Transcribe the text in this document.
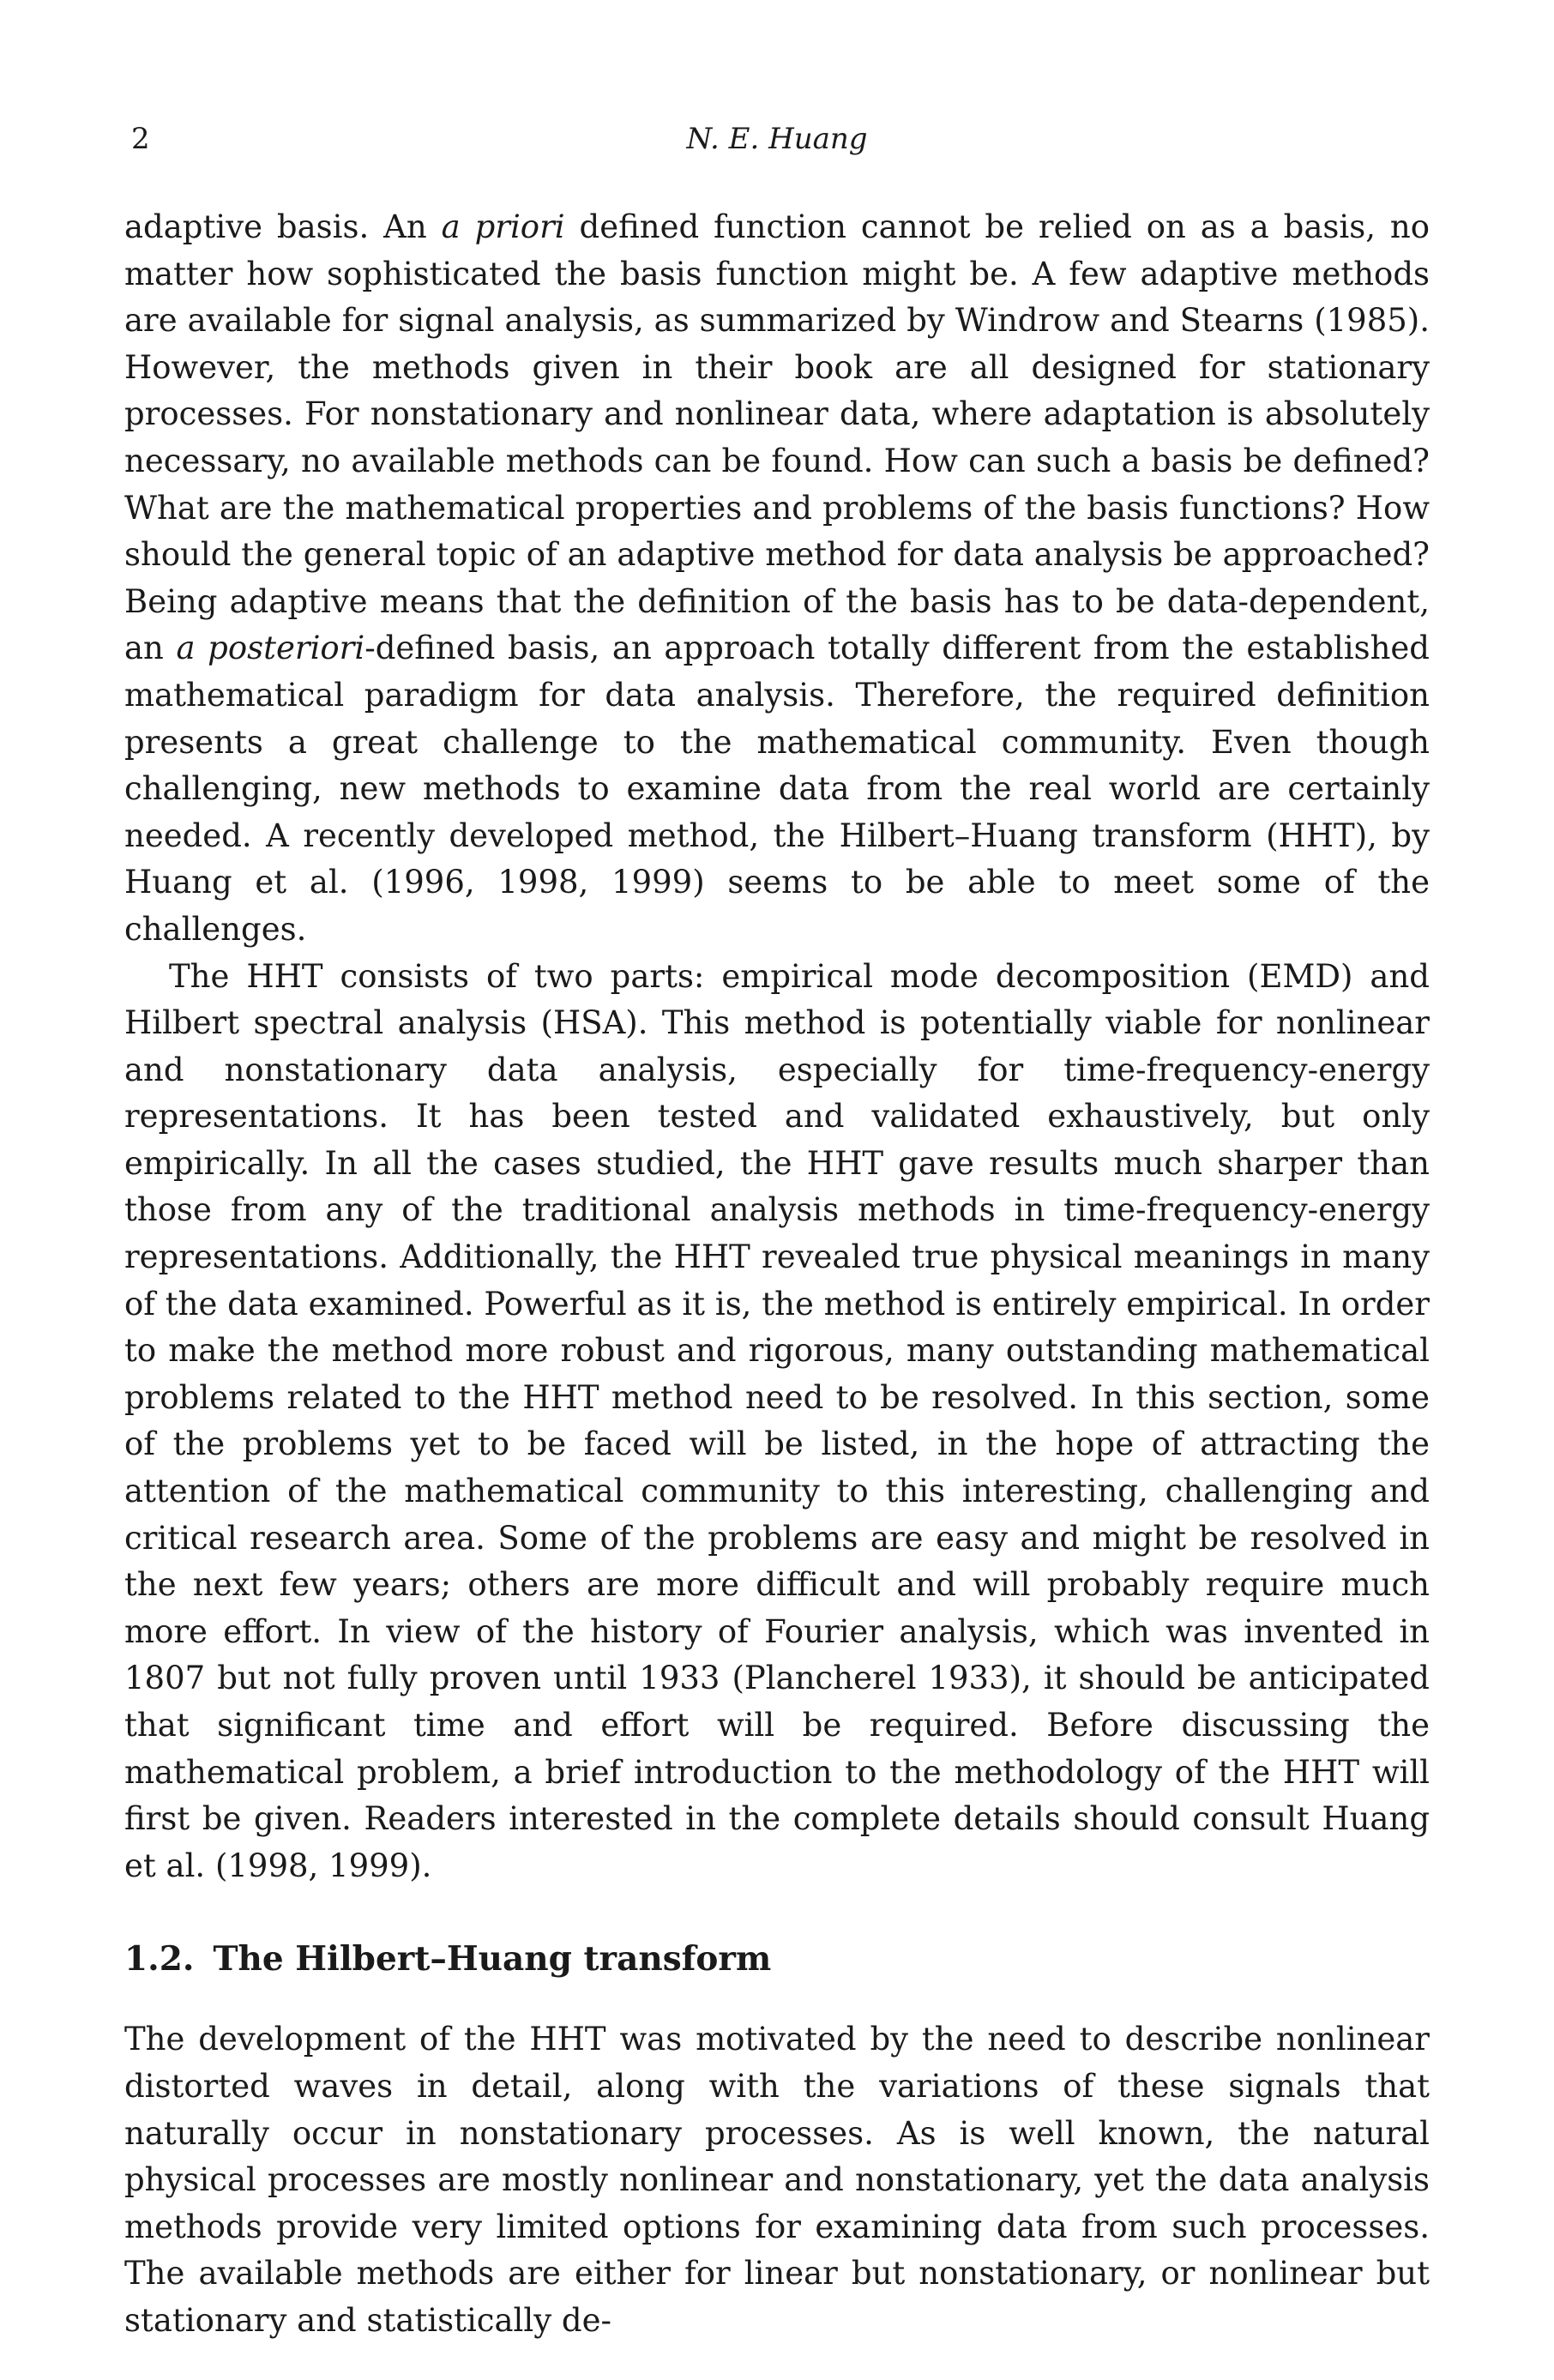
2	N. E. Huang

adaptive basis. An a priori defined function cannot be relied on as a basis, no matter how sophisticated the basis function might be. A few adaptive methods are available for signal analysis, as summarized by Windrow and Stearns (1985). However, the methods given in their book are all designed for stationary processes. For nonstationary and nonlinear data, where adaptation is absolutely necessary, no available methods can be found. How can such a basis be defined? What are the mathematical properties and problems of the basis functions? How should the general topic of an adaptive method for data analysis be approached? Being adaptive means that the definition of the basis has to be data-dependent, an a posteriori-defined basis, an approach totally different from the established mathematical paradigm for data analysis. Therefore, the required definition presents a great challenge to the mathematical community. Even though challenging, new methods to examine data from the real world are certainly needed. A recently developed method, the Hilbert–Huang transform (HHT), by Huang et al. (1996, 1998, 1999) seems to be able to meet some of the challenges.

The HHT consists of two parts: empirical mode decomposition (EMD) and Hilbert spectral analysis (HSA). This method is potentially viable for nonlinear and nonstationary data analysis, especially for time-frequency-energy representations. It has been tested and validated exhaustively, but only empirically. In all the cases studied, the HHT gave results much sharper than those from any of the traditional analysis methods in time-frequency-energy representations. Additionally, the HHT revealed true physical meanings in many of the data examined. Powerful as it is, the method is entirely empirical. In order to make the method more robust and rigorous, many outstanding mathematical problems related to the HHT method need to be resolved. In this section, some of the problems yet to be faced will be listed, in the hope of attracting the attention of the mathematical community to this interesting, challenging and critical research area. Some of the problems are easy and might be resolved in the next few years; others are more difficult and will probably require much more effort. In view of the history of Fourier analysis, which was invented in 1807 but not fully proven until 1933 (Plancherel 1933), it should be anticipated that significant time and effort will be required. Before discussing the mathematical problem, a brief introduction to the methodology of the HHT will first be given. Readers interested in the complete details should consult Huang et al. (1998, 1999).

1.2. The Hilbert–Huang transform

The development of the HHT was motivated by the need to describe nonlinear distorted waves in detail, along with the variations of these signals that naturally occur in nonstationary processes. As is well known, the natural physical processes are mostly nonlinear and nonstationary, yet the data analysis methods provide very limited options for examining data from such processes. The available methods are either for linear but nonstationary, or nonlinear but stationary and statistically de-
